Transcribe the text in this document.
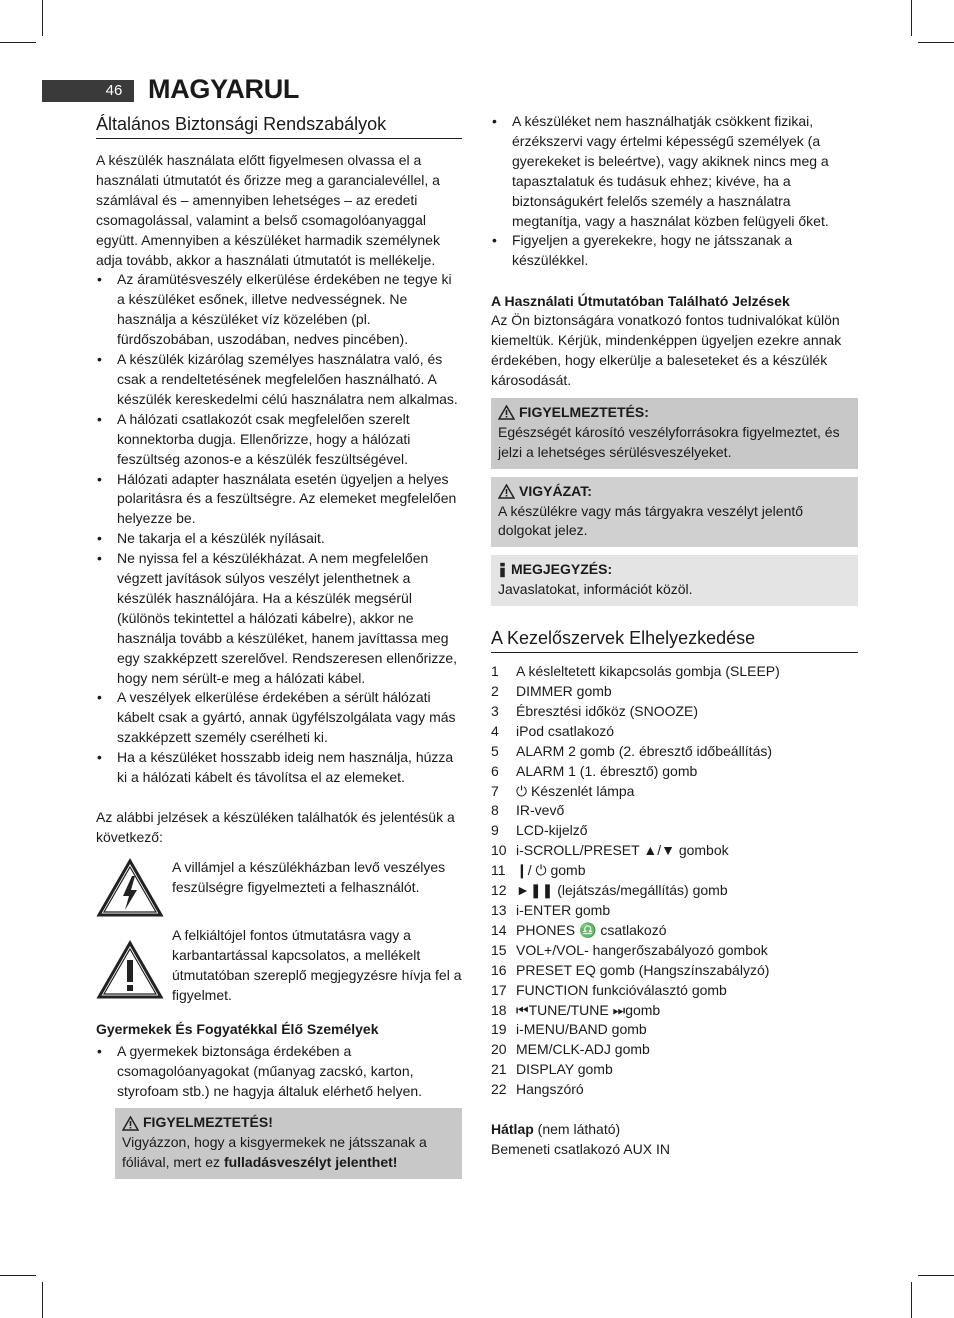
46 MAGYARUL
Általános Biztonsági Rendszabályok

A készülék használata előtt figyelmesen olvassa el a használati útmutatót és őrizze meg a garancialevéllel, a számlával és – amennyiben lehetséges – az eredeti csomagolással, valamint a belső csomagolóanyaggal együtt. Amennyiben a készüléket harmadik személynek adja tovább, akkor a használati útmutatót is mellékelje.

• Az áramütésveszély elkerülése érdekében ne tegye ki a készüléket esőnek, illetve nedvességnek. Ne használja a készüléket víz közelében (pl. fürdőszobában, uszodában, nedves pincében).
• A készülék kizárólag személyes használatra való, és csak a rendeltetésének megfelelően használható. A készülék kereskedelmi célú használatra nem alkalmas.
• A hálózati csatlakozót csak megfelelően szerelt konnektorba dugja. Ellenőrizze, hogy a hálózati feszültség azonos-e a készülék feszültségével.
• Hálózati adapter használata esetén ügyeljen a helyes polaritásra és a feszültségre. Az elemeket megfelelően helyezze be.
• Ne takarja el a készülék nyílásait.
• Ne nyissa fel a készülékházat. A nem megfelelően végzett javítások súlyos veszélyt jelenthetnek a készülék használójára. Ha a készülék megsérül (különös tekintettel a hálózati kábelre), akkor ne használja tovább a készüléket, hanem javíttassa meg egy szakképzett szerelővel. Rendszeresen ellenőrizze, hogy nem sérült-e meg a hálózati kábel.
• A veszélyek elkerülése érdekében a sérült hálózati kábelt csak a gyártó, annak ügyfélszolgálata vagy más szakképzett személy cserélheti ki.
• Ha a készüléket hosszabb ideig nem használja, húzza ki a hálózati kábelt és távolítsa el az elemeket.

Az alábbi jelzések a készüléken találhatók és jelentésük a következő:

A villámjel a készülékházban levő veszélyes feszülségre figyelmezteti a felhasználót.

A felkiáltójel fontos útmutatásra vagy a karbantartással kapcsolatos, a mellékelt útmutatóban szereplő megjegyzésre hívja fel a figyelmet.

Gyermekek És Fogyatékkal Élő Személyek
• A gyermekek biztonsága érdekében a csomagolóanyagokat (műanyag zacskó, karton, styrofoam stb.) ne hagyja általuk elérhető helyen.
FIGYELMEZTETÉS!

Vigyázzon, hogy a kisgyermekek ne játsszanak a fóliával, mert ez fulladásveszélyt jelenthet!

• A készüléket nem használhatják csökkent fizikai, érzékszervi vagy értelmi képességű személyek (a gyerekeket is beleértve), vagy akiknek nincs meg a tapasztalatuk és tudásuk ehhez; kivéve, ha a biztonságukért felelős személy a használatra megtanítja, vagy a használat közben felügyeli őket.
• Figyeljen a gyerekekre, hogy ne játsszanak a készülékkel.
A Használati Útmutatóban Található Jelzések

Az Ön biztonságára vonatkozó fontos tudnivalókat külön kiemeltük. Kérjük, mindenképpen ügyeljen ezekre annak érdekében, hogy elkerülje a baleseteket és a készülék károsodását.

FIGYELMEZTETÉS:

Egészségét károsító veszélyforrásokra figyelmeztet, és jelzi a lehetséges sérülésveszélyeket.

VIGYÁZAT:

A készülékre vagy más tárgyakra veszélyt jelentő dolgokat jelez.

MEGJEGYZÉS:

Javaslatokat, információt közöl.

A Kezelőszervek Elhelyezkedése
1	A késleltetett kikapcsolás gombja (SLEEP)
2	DIMMER gomb
3	Ébresztési időköz (SNOOZE)
4	iPod csatlakozó
5	ALARM 2 gomb (2. ébresztő időbeállítás)
6	ALARM 1 (1. ébresztő) gomb
7	⏻ Készenlét lámpa
8	IR-vevő
9	LCD-kijelző
10	i-SCROLL/PRESET ▲/▼ gombok
11	❙/ ⏻ gomb
12	►❚❚ (lejátszás/megállítás) gomb
13	i-ENTER gomb
14	PHONES ♎ csatlakozó
15	VOL+/VOL- hangerőszabályozó gombok
16	PRESET EQ gomb (Hangszínszabályzó)
17	FUNCTION funkcióválasztó gomb
18	⏮TUNE/TUNE ⏭gomb
19	i-MENU/BAND gomb
20	MEM/CLK-ADJ gomb
21	DISPLAY gomb
22	Hangszóró

Hátlap (nem látható)

Bemeneti csatlakozó AUX IN
